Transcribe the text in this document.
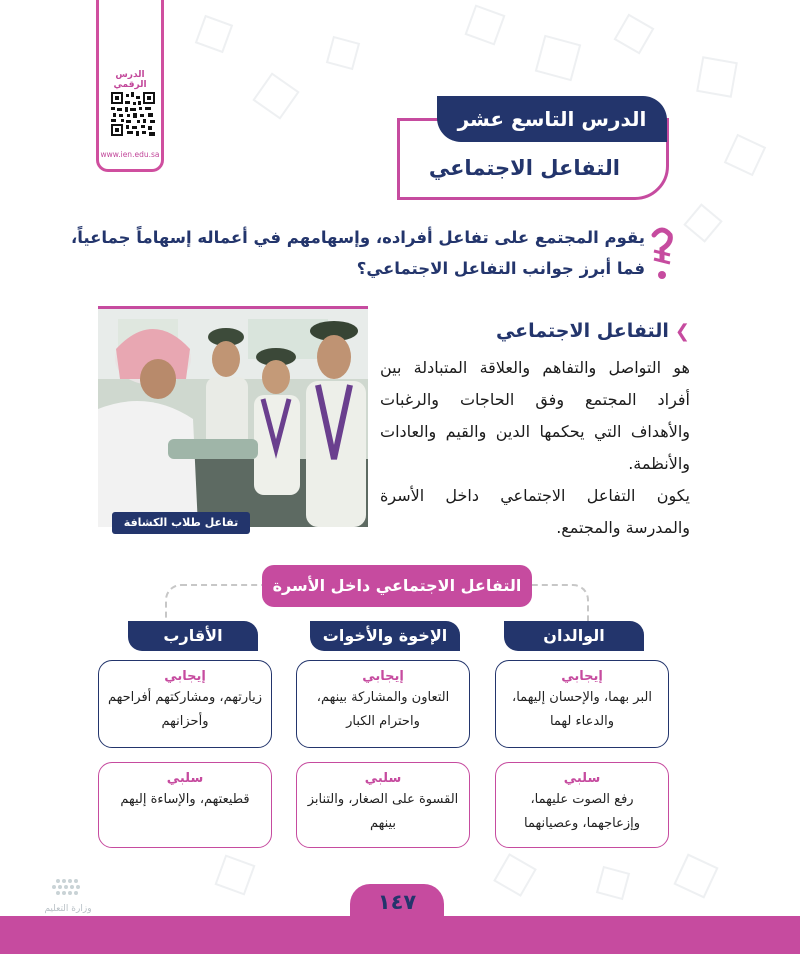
الدرس الرقمي
www.ien.edu.sa
الدرس التاسع عشر
التفاعل الاجتماعي
يقوم المجتمع على تفاعل أفراده، وإسهامهم في أعماله إسهاماً جماعياً، فما أبرز جوانب التفاعل الاجتماعي؟
تفاعل طلاب الكشافة
❯التفاعل الاجتماعي

هو التواصل والتفاهم والعلاقة المتبادلة بين أفراد المجتمع وفق الحاجات والرغبات والأهداف التي يحكمها الدين والقيم والعادات والأنظمة.

يكون التفاعل الاجتماعي داخل الأسرة والمدرسة والمجتمع.

التفاعل الاجتماعي داخل الأسرة
الوالدان
الإخوة والأخوات
الأقارب
إيجابي
البر بهما، والإحسان إليهما، والدعاء لهما
إيجابي
التعاون والمشاركة بينهم، واحترام الكبار
إيجابي
زيارتهم، ومشاركتهم أفراحهم وأحزانهم
سلبي
رفع الصوت عليهما، وإزعاجهما، وعصيانهما
سلبي
القسوة على الصغار، والتنابز بينهم
سلبي
قطيعتهم، والإساءة إليهم
١٤٧
وزارة التعليم
